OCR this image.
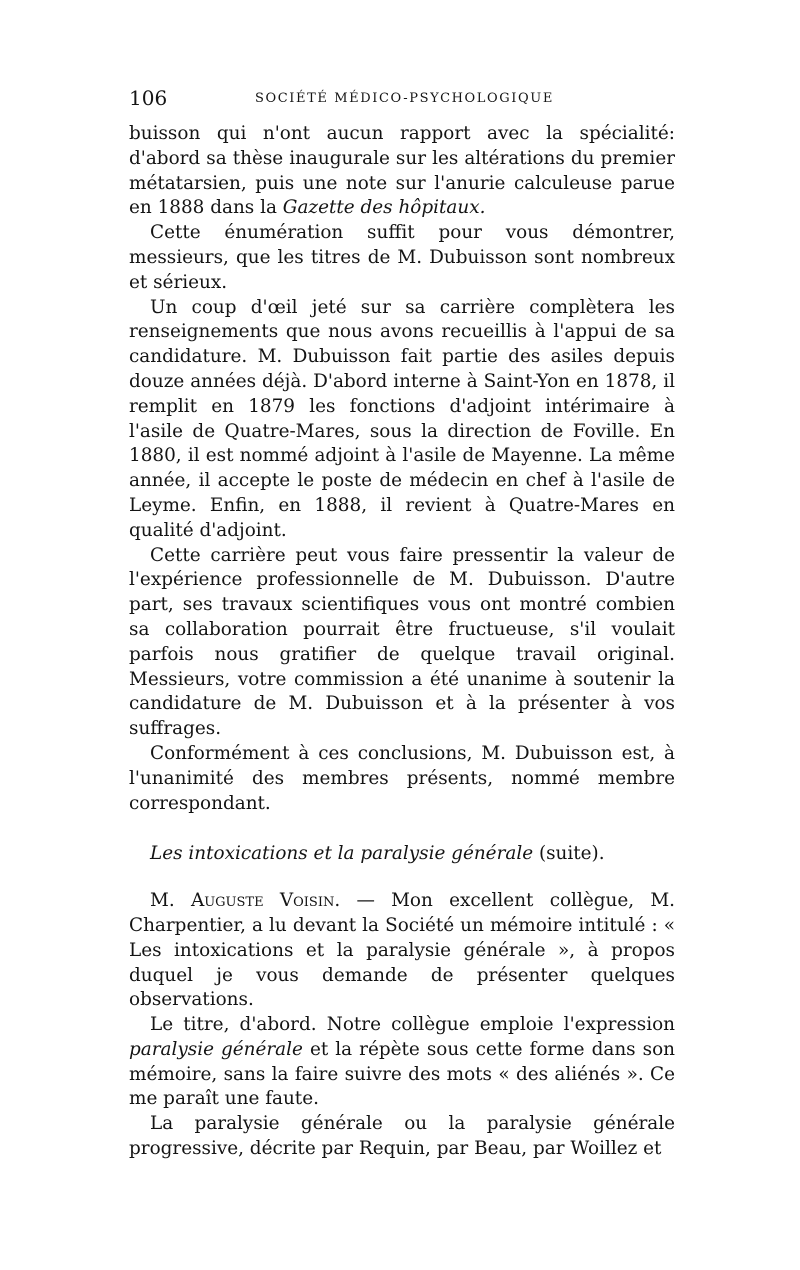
106	SOCIÉTÉ MÉDICO-PSYCHOLOGIQUE

buisson qui n'ont aucun rapport avec la spécialité: d'abord sa thèse inaugurale sur les altérations du premier métatarsien, puis une note sur l'anurie calculeuse parue en 1888 dans la Gazette des hôpitaux.

Cette énumération suffit pour vous démontrer, messieurs, que les titres de M. Dubuisson sont nombreux et sérieux.

Un coup d'œil jeté sur sa carrière complètera les renseignements que nous avons recueillis à l'appui de sa candidature. M. Dubuisson fait partie des asiles depuis douze années déjà. D'abord interne à Saint-Yon en 1878, il remplit en 1879 les fonctions d'adjoint intérimaire à l'asile de Quatre-Mares, sous la direction de Foville. En 1880, il est nommé adjoint à l'asile de Mayenne. La même année, il accepte le poste de médecin en chef à l'asile de Leyme. Enfin, en 1888, il revient à Quatre-Mares en qualité d'adjoint.

Cette carrière peut vous faire pressentir la valeur de l'expérience professionnelle de M. Dubuisson. D'autre part, ses travaux scientifiques vous ont montré combien sa collaboration pourrait être fructueuse, s'il voulait parfois nous gratifier de quelque travail original. Messieurs, votre commission a été unanime à soutenir la candidature de M. Dubuisson et à la présenter à vos suffrages.

Conformément à ces conclusions, M. Dubuisson est, à l'unanimité des membres présents, nommé membre correspondant.

Les intoxications et la paralysie générale (suite).

M. Auguste Voisin. — Mon excellent collègue, M. Charpentier, a lu devant la Société un mémoire intitulé : « Les intoxications et la paralysie générale », à propos duquel je vous demande de présenter quelques observations.

Le titre, d'abord. Notre collègue emploie l'expression paralysie générale et la répète sous cette forme dans son mémoire, sans la faire suivre des mots « des aliénés ». Ce me paraît une faute.

La paralysie générale ou la paralysie générale progressive, décrite par Requin, par Beau, par Woillez et
